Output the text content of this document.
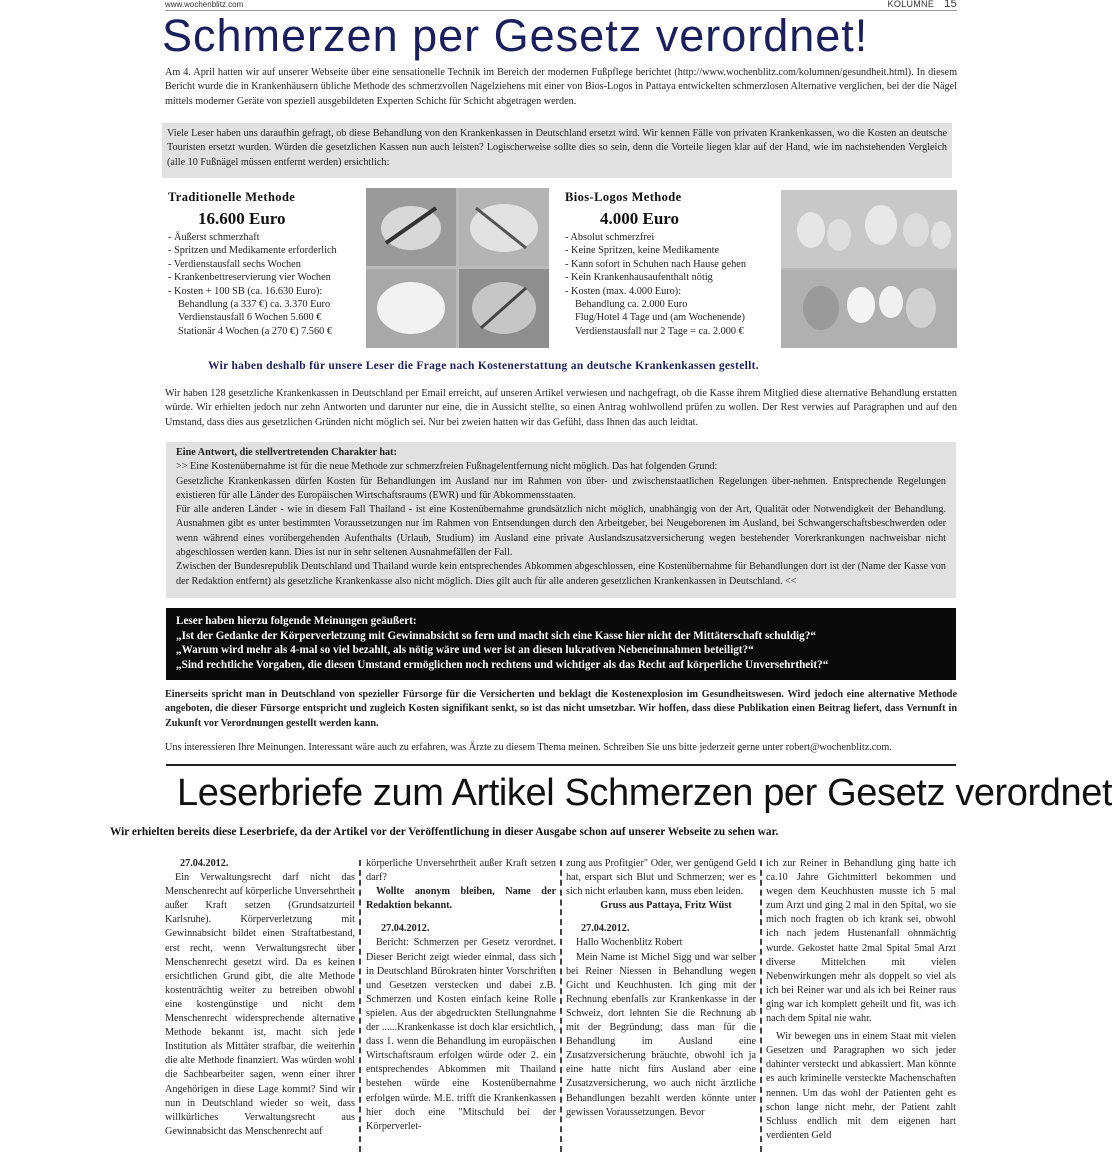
www.wochenblitz.com	KOLUMNE 15
Schmerzen per Gesetz verordnet!
Am 4. April hatten wir auf unserer Webseite über eine sensationelle Technik im Bereich der modernen Fußpflege berichtet (http://www.wochenblitz.com/kolumnen/gesundheit.html). In diesem Bericht wurde die in Krankenhäusern übliche Methode des schmerzvollen Nagelziehens mit einer von Bios-Logos in Pattaya entwickelten schmerzlosen Alternative verglichen, bei der die Nägel mittels moderner Geräte von speziell ausgebildeten Experten Schicht für Schicht abgetragen werden.
Viele Leser haben uns daraufhin gefragt, ob diese Behandlung von den Krankenkassen in Deutschland ersetzt wird. Wir kennen Fälle von privaten Krankenkassen, wo die Kosten an deutsche Touristen ersetzt wurden. Würden die gesetzlichen Kassen nun auch leisten? Logischerweise sollte dies so sein, denn die Vorteile liegen klar auf der Hand, wie im nachstehenden Vergleich (alle 10 Fußnägel müssen entfernt werden) ersichtlich:
Traditionelle Methode
16.600 Euro
- Äußerst schmerzhaft
- Spritzen und Medikamente erforderlich
- Verdienstausfall sechs Wochen
- Krankenbettreservierung vier Wochen
- Kosten + 100 SB (ca. 16.630 Euro):
Behandlung (a 337 €) ca. 3.370 Euro
Verdienstausfall 6 Wochen 5.600 €
Stationär 4 Wochen (a 270 €) 7.560 €
Bios-Logos Methode
4.000 Euro
- Absolut schmerzfrei
- Keine Spritzen, keine Medikamente
- Kann sofort in Schuhen nach Hause gehen
- Kein Krankenhausaufenthalt nötig
- Kosten (max. 4.000 Euro):
Behandlung ca. 2.000 Euro
Flug/Hotel 4 Tage und (am Wochenende)
Verdienstausfall nur 2 Tage = ca. 2.000 €
Wir haben deshalb für unsere Leser die Frage nach Kostenerstattung an deutsche Krankenkassen gestellt.
Wir haben 128 gesetzliche Krankenkassen in Deutschland per Email erreicht, auf unseren Artikel verwiesen und nachgefragt, ob die Kasse ihrem Mitglied diese alternative Behandlung erstatten würde. Wir erhielten jedoch nur zehn Antworten und darunter nur eine, die in Aussicht stellte, so einen Antrag wohlwollend prüfen zu wollen. Der Rest verwies auf Paragraphen und auf den Umstand, dass dies aus gesetzlichen Gründen nicht möglich sei. Nur bei zweien hatten wir das Gefühl, dass Ihnen das auch leidtat.
Eine Antwort, die stellvertretenden Charakter hat:
>> Eine Kostenübernahme ist für die neue Methode zur schmerzfreien Fußnagelentfernung nicht möglich. Das hat folgenden Grund:
Gesetzliche Krankenkassen dürfen Kosten für Behandlungen im Ausland nur im Rahmen von über- und zwischenstaatlichen Regelungen über-nehmen. Entsprechende Regelungen existieren für alle Länder des Europäischen Wirtschaftsraums (EWR) und für Abkommensstaaten.
Für alle anderen Länder - wie in diesem Fall Thailand - ist eine Kostenübernahme grundsätzlich nicht möglich, unabhängig von der Art, Qualität oder Notwendigkeit der Behandlung. Ausnahmen gibt es unter bestimmten Voraussetzungen nur im Rahmen von Entsendungen durch den Arbeitgeber, bei Neugeborenen im Ausland, bei Schwangerschaftsbeschwerden oder wenn während eines vorübergehenden Aufenthalts (Urlaub, Studium) im Ausland eine private Auslandszusatzversicherung wegen bestehender Vorerkrankungen nachweisbar nicht abgeschlossen werden kann. Dies ist nur in sehr seltenen Ausnahmefällen der Fall.
Zwischen der Bundesrepublik Deutschland und Thailand wurde kein entsprechendes Abkommen abgeschlossen, eine Kostenübernahme für Behandlungen dort ist der (Name der Kasse von der Redaktion entfernt) als gesetzliche Krankenkasse also nicht möglich. Dies gilt auch für alle anderen gesetzlichen Krankenkassen in Deutschland. <<
Leser haben hierzu folgende Meinungen geäußert:
„Ist der Gedanke der Körperverletzung mit Gewinnabsicht so fern und macht sich eine Kasse hier nicht der Mittäterschaft schuldig?“
„Warum wird mehr als 4-mal so viel bezahlt, als nötig wäre und wer ist an diesen lukrativen Nebeneinnahmen beteiligt?“
„Sind rechtliche Vorgaben, die diesen Umstand ermöglichen noch rechtens und wichtiger als das Recht auf körperliche Unversehrtheit?“
Einerseits spricht man in Deutschland von spezieller Fürsorge für die Versicherten und beklagt die Kostenexplosion im Gesundheitswesen. Wird jedoch eine alternative Methode angeboten, die dieser Fürsorge entspricht und zugleich Kosten signifikant senkt, so ist das nicht umsetzbar. Wir hoffen, dass diese Publikation einen Beitrag liefert, dass Vernunft in Zukunft vor Verordnungen gestellt werden kann.
Uns interessieren Ihre Meinungen. Interessant wäre auch zu erfahren, was Ärzte zu diesem Thema meinen. Schreiben Sie uns bitte jederzeit gerne unter robert@wochenblitz.com.
Leserbriefe zum Artikel Schmerzen per Gesetz verordnet
Wir erhielten bereits diese Leserbriefe, da der Artikel vor der Veröffentlichung in dieser Ausgabe schon auf unserer Webseite zu sehen war.

27.04.2012.

Ein Verwaltungsrecht darf nicht das Menschenrecht auf körperliche Unversehrtheit außer Kraft setzen (Grundsatzurteil Karlsruhe). Körperverletzung mit Gewinnabsicht bildet einen Straftatbestand, erst recht, wenn Verwaltungsrecht über Menschenrecht gesetzt wird. Da es keinen ersichtlichen Grund gibt, die alte Methode kostenträchtig weiter zu betreiben obwohl eine kostengünstige und nicht dem Menschenrecht widersprechende alternative Methode bekannt ist, macht sich jede Institution als Mittäter strafbar, die weiterhin die alte Methode finanziert. Was würden wohl die Sachbearbeiter sagen, wenn einer ihrer Angehörigen in diese Lage kommt? Sind wir nun in Deutschland wieder so weit, dass willkürliches Verwaltungsrecht aus Gewinnabsicht das Menschenrecht auf

körperliche Unversehrtheit außer Kraft setzen darf?

Wollte anonym bleiben, Name der Redaktion bekannt.

27.04.2012.

Bericht: Schmerzen per Gesetz verordnet. Dieser Bericht zeigt wieder einmal, dass sich in Deutschland Bürokraten hinter Vorschriften und Gesetzen verstecken und dabei z.B. Schmerzen und Kosten einfach keine Rolle spielen. Aus der abgedruckten Stellungnahme der ......Krankenkasse ist doch klar ersichtlich, dass 1. wenn die Behandlung im europäischen Wirtschaftsraum erfolgen würde oder 2. ein entsprechendes Abkommen mit Thailand bestehen würde eine Kostenübernahme erfolgen würde. M.E. trifft die Krankenkassen hier doch eine "Mitschuld bei der Körperverlet-

zung aus Profitgier" Oder, wer genügend Geld hat, erspart sich Blut und Schmerzen; wer es sich nicht erlauben kann, muss eben leiden.

Gruss aus Pattaya, Fritz Wüst

27.04.2012.

Hallo Wochenblitz Robert

Mein Name ist Michel Sigg und war selber bei Reiner Niessen in Behandlung wegen Gicht und Keuchhusten. Ich ging mit der Rechnung ebenfalls zur Krankenkasse in der Schweiz, dort lehnten Sie die Rechnung ab mit der Begründung; dass man für die Behandlung im Ausland eine Zusatzversicherung bräuchte, obwohl ich ja eine hatte nicht fürs Ausland aber eine Zusatzversicherung, wo auch nicht ärztliche Behandlungen bezahlt werden könnte unter gewissen Voraussetzungen. Bevor

ich zur Reiner in Behandlung ging hatte ich ca.10 Jahre Gichtmitterl bekommen und wegen dem Keuchhusten musste ich 5 mal zum Arzt und ging 2 mal in den Spital, wo sie mich noch fragten ob ich krank sei, obwohl ich nach jedem Hustenanfall ohnmächtig wurde. Gekostet hatte 2mal Spital 5mal Arzt diverse Mittelchen mit vielen Nebenwirkungen mehr als doppelt so viel als ich bei Reiner war und als ich bei Reiner raus ging war ich komplett geheilt und fit, was ich nach dem Spital nie wahr.

Wir bewegen uns in einem Staat mit vielen Gesetzen und Paragraphen wo sich jeder dahinter versteckt und abkassiert. Man könnte es auch kriminelle versteckte Machenschaften nennen. Um das wohl der Patienten geht es schon lange nicht mehr, der Patient zahlt Schluss endlich mit dem eigenen hart verdienten Geld
